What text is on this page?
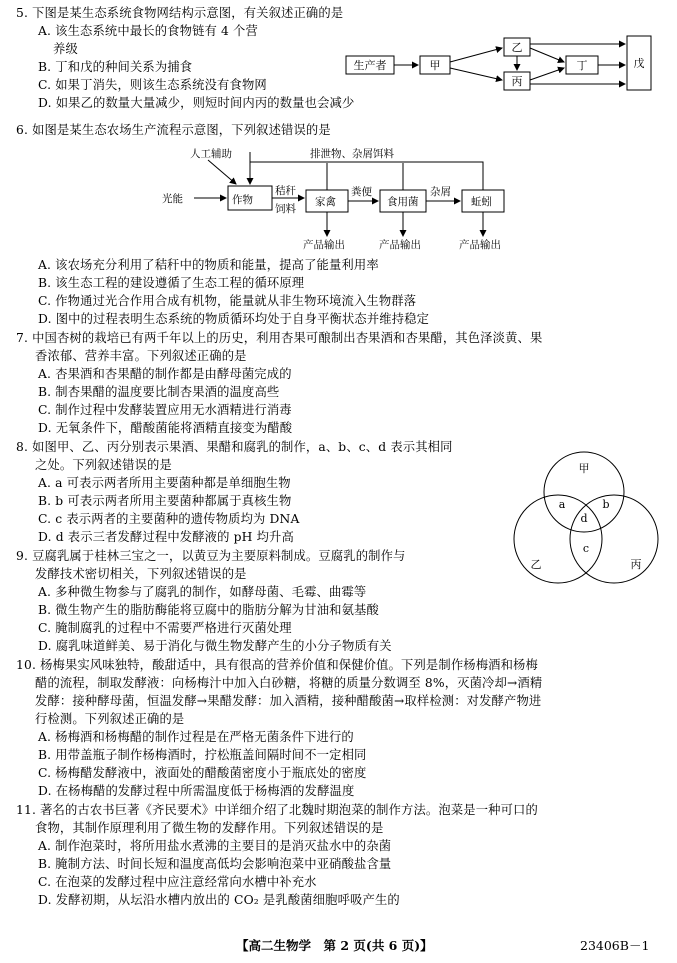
5. 下图是某生态系统食物网结构示意图，有关叙述正确的是
A. 该生态系统中最长的食物链有 4 个营
养级
B. 丁和戊的种间关系为捕食
C. 如果丁消失，则该生态系统没有食物网
D. 如果乙的数量大量减少，则短时间内丙的数量也会减少
生产者	甲
乙
丙
丁	戊
6. 如图是某生态农场生产流程示意图，下列叙述错误的是
人工辅助	排泄物、杂屑饵料
光能
秸秆
饲料
粪便	杂屑
作物	家禽	食用菌	蚯蚓
产品输出	产品输出	产品输出
A. 该农场充分利用了秸秆中的物质和能量，提高了能量利用率
B. 该生态工程的建设遵循了生态工程的循环原理
C. 作物通过光合作用合成有机物，能量就从非生物环境流入生物群落
D. 图中的过程表明生态系统的物质循环均处于自身平衡状态并维持稳定
7. 中国杏树的栽培已有两千年以上的历史，利用杏果可酿制出杏果酒和杏果醋，其色泽淡黄、果
香浓郁、营养丰富。下列叙述正确的是
A. 杏果酒和杏果醋的制作都是由酵母菌完成的
B. 制杏果醋的温度要比制杏果酒的温度高些
C. 制作过程中发酵装置应用无水酒精进行消毒
D. 无氧条件下，醋酸菌能将酒精直接变为醋酸
8. 如图甲、乙、丙分别表示果酒、果醋和腐乳的制作，a、b、c、d 表示其相同
之处。下列叙述错误的是
A. a 可表示两者所用主要菌种都是单细胞生物
B. b 可表示两者所用主要菌种都属于真核生物
C. c 表示两者的主要菌种的遗传物质均为 DNA
D. d 表示三者发酵过程中发酵液的 pH 均升高
甲
乙	丙
a	b
d
c
9. 豆腐乳属于桂林三宝之一，以黄豆为主要原料制成。豆腐乳的制作与
发酵技术密切相关，下列叙述错误的是
A. 多种微生物参与了腐乳的制作，如酵母菌、毛霉、曲霉等
B. 微生物产生的脂肪酶能将豆腐中的脂肪分解为甘油和氨基酸
C. 腌制腐乳的过程中不需要严格进行灭菌处理
D. 腐乳味道鲜美、易于消化与微生物发酵产生的小分子物质有关
10. 杨梅果实风味独特，酸甜适中，具有很高的营养价值和保健价值。下列是制作杨梅酒和杨梅
醋的流程，制取发酵液：向杨梅汁中加入白砂糖，将糖的质量分数调至 8%，灭菌冷却→酒精
发酵：接种酵母菌，恒温发酵→果醋发酵：加入酒精，接种醋酸菌→取样检测：对发酵产物进
行检测。下列叙述正确的是
A. 杨梅酒和杨梅醋的制作过程是在严格无菌条件下进行的
B. 用带盖瓶子制作杨梅酒时，拧松瓶盖间隔时间不一定相同
C. 杨梅醋发酵液中，液面处的醋酸菌密度小于瓶底处的密度
D. 在杨梅醋的发酵过程中所需温度低于杨梅酒的发酵温度
11. 著名的古农书巨著《齐民要术》中详细介绍了北魏时期泡菜的制作方法。泡菜是一种可口的
食物，其制作原理利用了微生物的发酵作用。下列叙述错误的是
A. 制作泡菜时，将所用盐水煮沸的主要目的是消灭盐水中的杂菌
B. 腌制方法、时间长短和温度高低均会影响泡菜中亚硝酸盐含量
C. 在泡菜的发酵过程中应注意经常向水槽中补充水
D. 发酵初期，从坛沿水槽内放出的 CO₂ 是乳酸菌细胞呼吸产生的
【高二生物学　第 2 页(共 6 页)】	23406B－1
